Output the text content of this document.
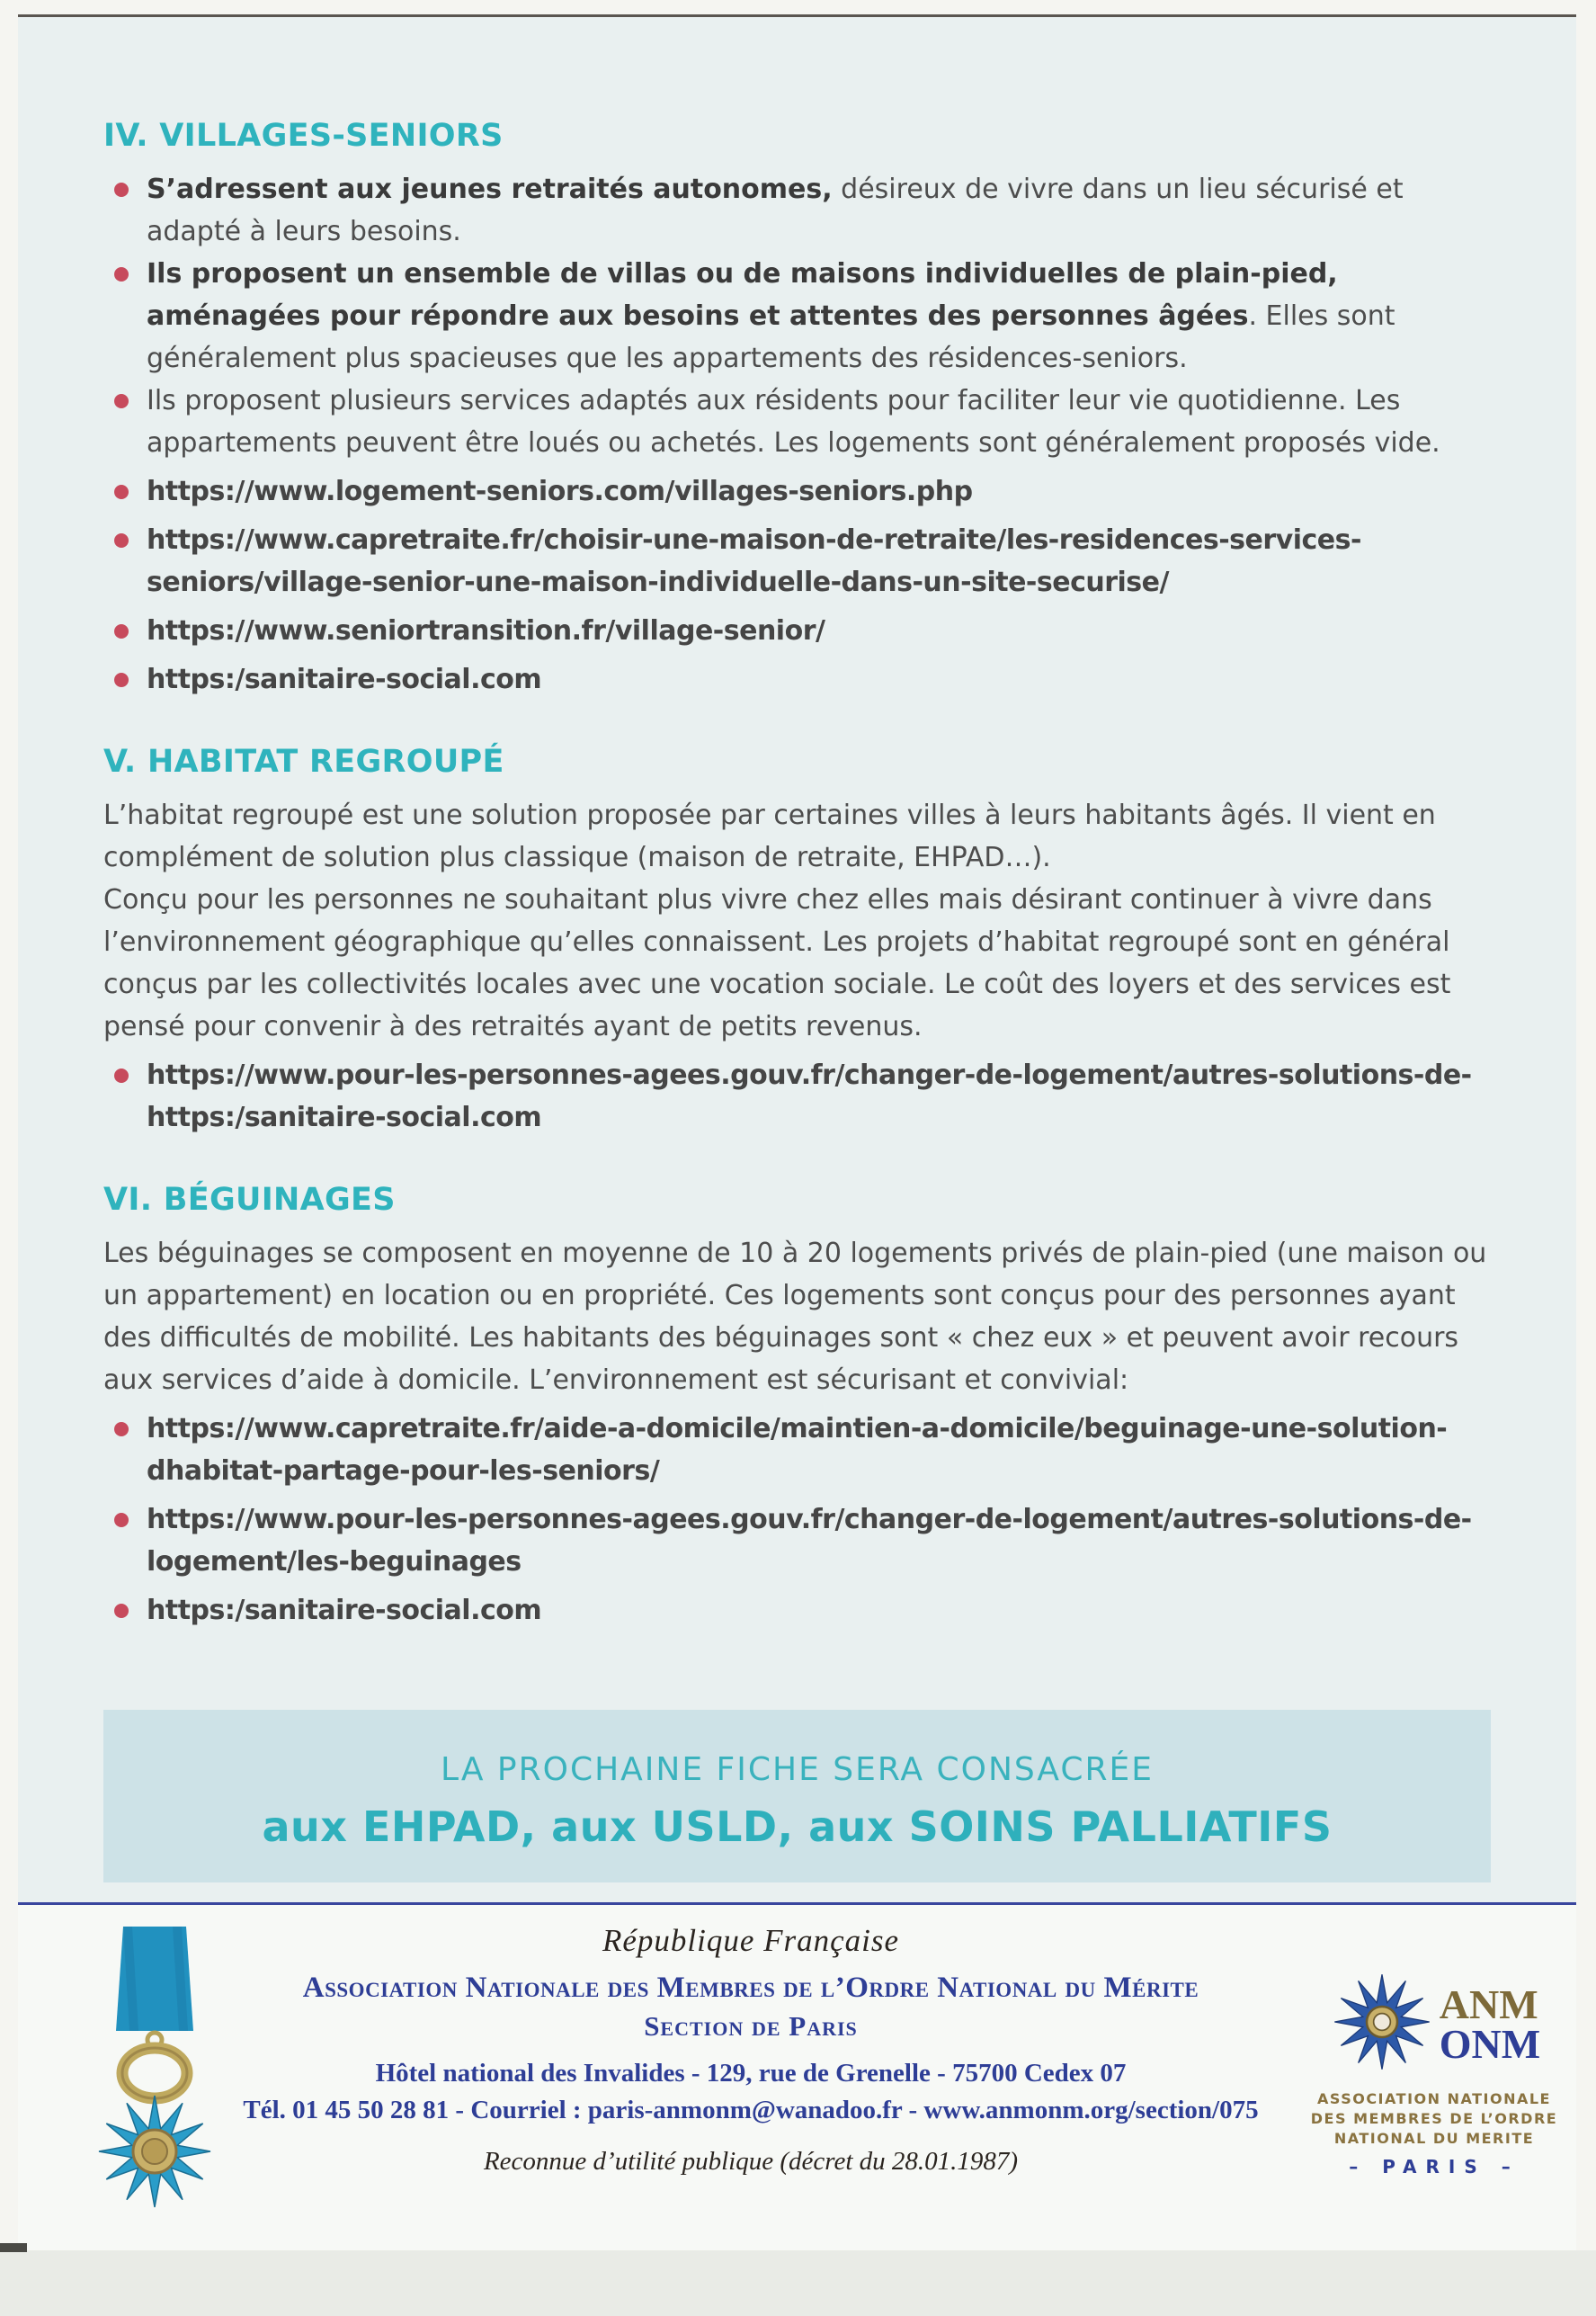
IV. VILLAGES-SENIORS
S’adressent aux jeunes retraités autonomes, désireux de vivre dans un lieu sécurisé et adapté à leurs besoins.
Ils proposent un ensemble de villas ou de maisons individuelles de plain-pied, aménagées pour répondre aux besoins et attentes des personnes âgées. Elles sont généralement plus spacieuses que les appartements des résidences-seniors.
Ils proposent plusieurs services adaptés aux résidents pour faciliter leur vie quotidienne. Les appartements peuvent être loués ou achetés. Les logements sont généralement proposés vide.
https://www.logement-seniors.com/villages-seniors.php
https://www.capretraite.fr/choisir-une-maison-de-retraite/les-residences-services-seniors/village-senior-une-maison-individuelle-dans-un-site-securise/
https://www.seniortransition.fr/village-senior/
https:/sanitaire-social.com
V. HABITAT REGROUPÉ

L’habitat regroupé est une solution proposée par certaines villes à leurs habitants âgés. Il vient en complément de solution plus classique (maison de retraite, EHPAD…).

Conçu pour les personnes ne souhaitant plus vivre chez elles mais désirant continuer à vivre dans l’environnement géographique qu’elles connaissent. Les projets d’habitat regroupé sont en général conçus par les collectivités locales avec une vocation sociale. Le coût des loyers et des services est pensé pour convenir à des retraités ayant de petits revenus.

https://www.pour-les-personnes-agees.gouv.fr/changer-de-logement/autres-solutions-de-
https:/sanitaire-social.com
VI. BÉGUINAGES

Les béguinages se composent en moyenne de 10 à 20 logements privés de plain-pied (une maison ou un appartement) en location ou en propriété. Ces logements sont conçus pour des personnes ayant des difficultés de mobilité. Les habitants des béguinages sont « chez eux » et peuvent avoir recours aux services d’aide à domicile. L’environnement est sécurisant et convivial:

https://www.capretraite.fr/aide-a-domicile/maintien-a-domicile/beguinage-une-solution-dhabitat-partage-pour-les-seniors/
https://www.pour-les-personnes-agees.gouv.fr/changer-de-logement/autres-solutions-de-logement/les-beguinages
https:/sanitaire-social.com
LA PROCHAINE FICHE SERA CONSACRÉE
aux EHPAD, aux USLD, aux SOINS PALLIATIFS
République Française
Association Nationale des Membres de l’Ordre National du Mérite
Section de Paris
Hôtel national des Invalides - 129, rue de Grenelle - 75700 Cedex 07
Tél. 01 45 50 28 81 - Courriel : paris-anmonm@wanadoo.fr - www.anmonm.org/section/075
Reconnue d’utilité publique (décret du 28.01.1987)
ANM
ONM
ASSOCIATION NATIONALE
DES MEMBRES DE L’ORDRE
NATIONAL DU MERITE
– PARIS –
